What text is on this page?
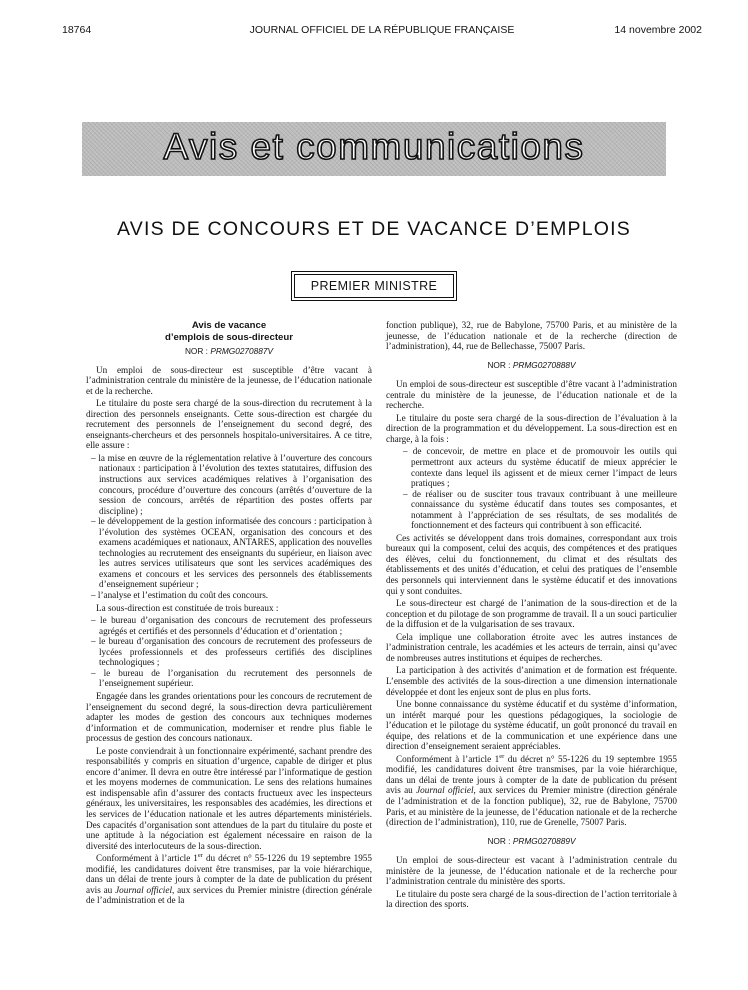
18764	JOURNAL OFFICIEL DE LA RÉPUBLIQUE FRANÇAISE	14 novembre 2002
Avis et communications
AVIS DE CONCOURS ET DE VACANCE D’EMPLOIS
PREMIER MINISTRE
Avis de vacance
d’emplois de sous-directeur
NOR : PRMG0270887V

Un emploi de sous-directeur est susceptible d’être vacant à l’administration centrale du ministère de la jeunesse, de l’éducation nationale et de la recherche.

Le titulaire du poste sera chargé de la sous-direction du recrutement à la direction des personnels enseignants. Cette sous-direction est chargée du recrutement des personnels de l’enseignement du second degré, des enseignants-chercheurs et des personnels hospitalo-universitaires. A ce titre, elle assure :

– la mise en œuvre de la réglementation relative à l’ouverture des concours nationaux : participation à l’évolution des textes statutaires, diffusion des instructions aux services académiques relatives à l’organisation des concours, procédure d’ouverture des concours (arrêtés d’ouverture de la session de concours, arrêtés de répartition des postes offerts par discipline) ;
– le développement de la gestion informatisée des concours : participation à l’évolution des systèmes OCEAN, organisation des concours et des examens académiques et nationaux, ANTARES, application des nouvelles technologies au recrutement des enseignants du supérieur, en liaison avec les autres services utilisateurs que sont les services académiques des examens et concours et les services des personnels des établissements d’enseignement supérieur ;
– l’analyse et l’estimation du coût des concours.

La sous-direction est constituée de trois bureaux :

– le bureau d’organisation des concours de recrutement des professeurs agrégés et certifiés et des personnels d’éducation et d’orientation ;
– le bureau d’organisation des concours de recrutement des professeurs de lycées professionnels et des professeurs certifiés des disciplines technologiques ;
– le bureau de l’organisation du recrutement des personnels de l’enseignement supérieur.

Engagée dans les grandes orientations pour les concours de recrutement de l’enseignement du second degré, la sous-direction devra particulièrement adapter les modes de gestion des concours aux techniques modernes d’information et de communication, moderniser et rendre plus fiable le processus de gestion des concours nationaux.

Le poste conviendrait à un fonctionnaire expérimenté, sachant prendre des responsabilités y compris en situation d’urgence, capable de diriger et plus encore d’animer. Il devra en outre être intéressé par l’informatique de gestion et les moyens modernes de communication. Le sens des relations humaines est indispensable afin d’assurer des contacts fructueux avec les inspecteurs généraux, les universitaires, les responsables des académies, les directions et les services de l’éducation nationale et les autres départements ministériels. Des capacités d’organisation sont attendues de la part du titulaire du poste et une aptitude à la négociation est également nécessaire en raison de la diversité des interlocuteurs de la sous-direction.

Conformément à l’article 1er du décret n° 55-1226 du 19 septembre 1955 modifié, les candidatures doivent être transmises, par la voie hiérarchique, dans un délai de trente jours à compter de la date de publication du présent avis au Journal officiel, aux services du Premier ministre (direction générale de l’administration et de la

fonction publique), 32, rue de Babylone, 75700 Paris, et au ministère de la jeunesse, de l’éducation nationale et de la recherche (direction de l’administration), 44, rue de Bellechasse, 75007 Paris.

NOR : PRMG0270888V

Un emploi de sous-directeur est susceptible d’être vacant à l’administration centrale du ministère de la jeunesse, de l’éducation nationale et de la recherche.

Le titulaire du poste sera chargé de la sous-direction de l’évaluation à la direction de la programmation et du développement. La sous-direction est en charge, à la fois :

– de concevoir, de mettre en place et de promouvoir les outils qui permettront aux acteurs du système éducatif de mieux apprécier le contexte dans lequel ils agissent et de mieux cerner l’impact de leurs pratiques ;
– de réaliser ou de susciter tous travaux contribuant à une meilleure connaissance du système éducatif dans toutes ses composantes, et notamment à l’appréciation de ses résultats, de ses modalités de fonctionnement et des facteurs qui contribuent à son efficacité.

Ces activités se développent dans trois domaines, correspondant aux trois bureaux qui la composent, celui des acquis, des compétences et des pratiques des élèves, celui du fonctionnement, du climat et des résultats des établissements et des unités d’éducation, et celui des pratiques de l’ensemble des personnels qui interviennent dans le système éducatif et des innovations qui y sont conduites.

Le sous-directeur est chargé de l’animation de la sous-direction et de la conception et du pilotage de son programme de travail. Il a un souci particulier de la diffusion et de la vulgarisation de ses travaux.

Cela implique une collaboration étroite avec les autres instances de l’administration centrale, les académies et les acteurs de terrain, ainsi qu’avec de nombreuses autres institutions et équipes de recherches.

La participation à des activités d’animation et de formation est fréquente. L’ensemble des activités de la sous-direction a une dimension internationale développée et dont les enjeux sont de plus en plus forts.

Une bonne connaissance du système éducatif et du système d’information, un intérêt marqué pour les questions pédagogiques, la sociologie de l’éducation et le pilotage du système éducatif, un goût prononcé du travail en équipe, des relations et de la communication et une expérience dans une direction d’enseignement seraient appréciables.

Conformément à l’article 1er du décret n° 55-1226 du 19 septembre 1955 modifié, les candidatures doivent être transmises, par la voie hiérarchique, dans un délai de trente jours à compter de la date de publication du présent avis au Journal officiel, aux services du Premier ministre (direction générale de l’administration et de la fonction publique), 32, rue de Babylone, 75700 Paris, et au ministère de la jeunesse, de l’éducation nationale et de la recherche (direction de l’administration), 110, rue de Grenelle, 75007 Paris.

NOR : PRMG0270889V

Un emploi de sous-directeur est vacant à l’administration centrale du ministère de la jeunesse, de l’éducation nationale et de la recherche pour l’administration centrale du ministère des sports.

Le titulaire du poste sera chargé de la sous-direction de l’action territoriale à la direction des sports.
